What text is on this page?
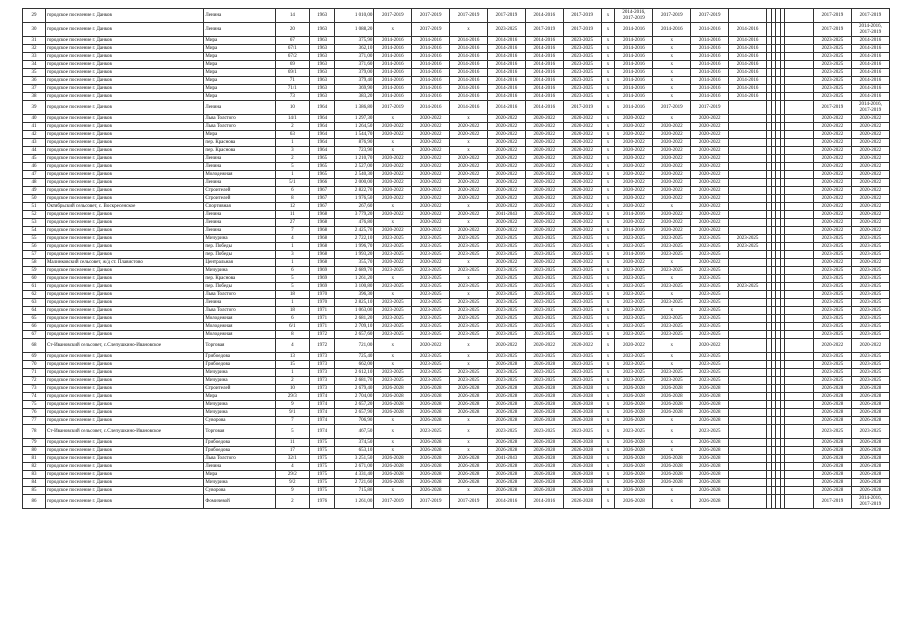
29	городское поселение г. Данков	Ленина	14	1963	1 010,00	2017-2019	2017-2019	2017-2019	2017-2019	2014-2016	2017-2019	х	2014-2016, 2017-2019	2017-2019	2017-2019							2017-2019	2017-2019
30	городское поселение г. Данков	Ленина	20	1963	1 088,20	х	2017-2019	х	2023-2025	2017-2019	2017-2019	х	2014-2016	2014-2016	2014-2016	2014-2016						2017-2019	2014-2016, 2017-2019
31	городское поселение г. Данков	Мира	67	1963	375,90	2014-2016	2014-2016	2014-2016	2014-2016	2014-2016	2023-2025	х	2014-2016	х	2014-2016	2014-2016						2023-2025	2014-2016
32	городское поселение г. Данков	Мира	67/1	1963	362,10	2014-2016	2014-2016	2014-2016	2014-2016	2014-2016	2023-2025	х	2014-2016	х	2014-2016	2014-2016						2023-2025	2014-2016
33	городское поселение г. Данков	Мира	67/2	1963	371,00	2014-2016	2014-2016	2014-2016	2014-2016	2014-2016	2023-2025	х	2014-2016	х	2014-2016	2014-2016						2023-2025	2014-2016
34	городское поселение г. Данков	Мира	69	1963	371,60	2014-2016	2014-2016	2014-2016	2014-2016	2014-2016	2023-2025	х	2014-2016	х	2014-2016	2014-2016						2023-2025	2014-2016
35	городское поселение г. Данков	Мира	69/1	1963	379,00	2014-2016	2014-2016	2014-2016	2014-2016	2014-2016	2023-2025	х	2014-2016	х	2014-2016	2014-2016						2023-2025	2014-2016
36	городское поселение г. Данков	Мира	71	1963	379,40	2014-2016	2014-2016	2014-2016	2014-2016	2014-2016	2023-2025	х	2014-2016	х	2014-2016	2014-2016						2023-2025	2014-2016
37	городское поселение г. Данков	Мира	71/1	1963	369,90	2014-2016	2014-2016	2014-2016	2014-2016	2014-2016	2023-2025	х	2014-2016	х	2014-2016	2014-2016						2023-2025	2014-2016
38	городское поселение г. Данков	Мира	73	1963	383,20	2014-2016	2014-2016	2014-2016	2014-2016	2014-2016	2023-2025	х	2014-2016	х	2014-2016	2014-2016						2023-2025	2014-2016
39	городское поселение г. Данков	Ленина	10	1964	1 386,80	2017-2019	2014-2016	2014-2016	2014-2016	2014-2016	2017-2019	х	2014-2016	2017-2019	2017-2019							2017-2019	2014-2016, 2017-2019
40	городское поселение г. Данков	Льва Толстого	14/1	1964	1 297,30	х	2020-2022	х	2020-2022	2020-2022	2020-2022	х	2020-2022	х	2020-2022							2020-2022	2020-2022
41	городское поселение г. Данков	Льва Толстого	2	1964	1 264,50	2020-2022	2020-2022	2020-2022	2020-2022	2020-2022	2020-2022	х	2020-2022	2020-2022	2020-2022							2020-2022	2020-2022
42	городское поселение г. Данков	Мира	63	1964	1 544,70	2020-2022	2020-2022	2020-2022	2020-2022	2020-2022	2020-2022	х	2020-2022	2020-2022	2020-2022							2020-2022	2020-2022
43	городское поселение г. Данков	пер. Краснова	1	1964	876,90	х	2020-2022	х	2020-2022	2020-2022	2020-2022	х	2020-2022	2020-2022	2020-2022							2020-2022	2020-2022
44	городское поселение г. Данков	пер. Краснова	3	1964	723,90	х	2020-2022	х	2020-2022	2020-2022	2020-2022	х	2020-2022	2020-2022	2020-2022							2020-2022	2020-2022
45	городское поселение г. Данков	Ленина	2	1965	1 210,70	2020-2022	2020-2022	2020-2022	2020-2022	2020-2022	2020-2022	х	2020-2022	2020-2022	2020-2022							2020-2022	2020-2022
46	городское поселение г. Данков	Ленина	5	1965	2 527,00	2020-2022	2020-2022	2020-2022	2020-2022	2020-2022	2020-2022	х	2020-2022	2020-2022	2020-2022							2020-2022	2020-2022
47	городское поселение г. Данков	Молодежная	1	1965	2 540,30	2020-2022	2020-2022	2020-2022	2020-2022	2020-2022	2020-2022	х	2020-2022	2020-2022	2020-2022							2020-2022	2020-2022
48	городское поселение г. Данков	Ленина	5/1	1966	2 000,00	2020-2022	2020-2022	2020-2022	2020-2022	2020-2022	2020-2022	х	2020-2022	2020-2022	2020-2022							2020-2022	2020-2022
49	городское поселение г. Данков	Строителей	6	1967	2 822,70	2020-2022	2020-2022	2020-2022	2020-2022	2020-2022	2020-2022	х	2020-2022	2020-2022	2020-2022							2020-2022	2020-2022
50	городское поселение г. Данков	Строителей	8	1967	1 976,50	2020-2022	2020-2022	2020-2022	2020-2022	2020-2022	2020-2022	х	2020-2022	2020-2022	2020-2022							2020-2022	2020-2022
51	Октябрьский сельсовет, с. Воскресенское	Спортивная	12	1967	267,60	х	2020-2022	х	2020-2022	2020-2022	2020-2022	х	2020-2022	х	2020-2022							2020-2022	2020-2022
52	городское поселение г. Данков	Ленина	11	1968	3 779,20	2020-2022	2020-2022	2020-2022	2041-2043	2020-2022	2020-2022	х	2014-2016	2020-2022	2020-2022							2020-2022	2020-2022
53	городское поселение г. Данков	Ленина	27	1968	476,80	х	2020-2022	х	2020-2022	2020-2022	2020-2022	х	2020-2022	2020-2022	2020-2022							2020-2022	2020-2022
54	городское поселение г. Данков	Ленина	7	1968	2 425,70	2020-2022	2020-2022	2020-2022	2020-2022	2020-2022	2020-2022	х	2014-2016	2020-2022	2020-2022							2020-2022	2020-2022
55	городское поселение г. Данков	Мичурина	4	1968	2 722,10	2023-2025	2023-2025	2023-2025	2023-2025	2023-2025	2023-2025	х	2023-2025	2023-2025	2023-2025	2023-2025						2023-2025	2023-2025
56	городское поселение г. Данков	пер. Победы	1	1968	1 996,70	2023-2025	2023-2025	2023-2025	2023-2025	2023-2025	2023-2025	х	2023-2025	2023-2025	2023-2025	2023-2025						2023-2025	2023-2025
57	городское поселение г. Данков	пер. Победы	3	1968	1 993,20	2023-2025	2023-2025	2023-2025	2023-2025	2023-2025	2023-2025	х	2014-2016	2023-2025	2023-2025							2023-2025	2023-2025
58	Малинковский сельсовет, ж/д ст. Плавистово	Центральная	1	1968	355,70	2020-2022	2020-2022	х	2020-2022	2020-2022	2020-2022	х	2020-2022	х	2020-2022							2020-2022	2020-2022
59	городское поселение г. Данков	Мичурина	6	1969	2 689,70	2023-2025	2023-2025	2023-2025	2023-2025	2023-2025	2023-2025	х	2023-2025	2023-2025	2023-2025							2023-2025	2023-2025
60	городское поселение г. Данков	пер. Краснова	5	1969	1 261,20	х	2023-2025	х	2023-2025	2023-2025	2023-2025	х	2023-2025	х	2023-2025							2023-2025	2023-2025
61	городское поселение г. Данков	пер. Победы	5	1969	3 100,80	2023-2025	2023-2025	2023-2025	2023-2025	2023-2025	2023-2025	х	2023-2025	2023-2025	2023-2025	2023-2025						2023-2025	2023-2025
62	городское поселение г. Данков	Льва Толстого	18	1970	396,30	х	2023-2025	х	2023-2025	2023-2025	2023-2025	х	2023-2025	х	2023-2025							2023-2025	2023-2025
63	городское поселение г. Данков	Ленина	1	1970	2 825,10	2023-2025	2023-2025	2023-2025	2023-2025	2023-2025	2023-2025	х	2023-2025	2023-2025	2023-2025							2023-2025	2023-2025
64	городское поселение г. Данков	Льва Толстого	18	1971	1 063,00	2023-2025	2023-2025	2023-2025	2023-2025	2023-2025	2023-2025	х	2023-2025	х	2023-2025							2023-2025	2023-2025
65	городское поселение г. Данков	Молодежная	6	1971	2 681,20	2023-2025	2023-2025	2023-2025	2023-2025	2023-2025	2023-2025	х	2023-2025	2023-2025	2023-2025							2023-2025	2023-2025
66	городское поселение г. Данков	Молодежная	6/1	1971	2 709,10	2023-2025	2023-2025	2023-2025	2023-2025	2023-2025	2023-2025	х	2023-2025	2023-2025	2023-2025							2023-2025	2023-2025
67	городское поселение г. Данков	Молодежная	8	1972	2 657,60	2023-2025	2023-2025	2023-2025	2023-2025	2023-2025	2023-2025	х	2023-2025	2023-2025	2023-2025							2023-2025	2023-2025
68	Ст-Ивановский сельсовет, с.Слепушкино-Ивановское	Торговая	4	1972	721,00	х	2020-2022	х	2020-2022	2020-2022	2020-2022	х	2020-2022	х	2020-2022							2020-2022	2020-2022
69	городское поселение г. Данков	Грибоедова	13	1973	725,40	х	2023-2025	х	2023-2025	2023-2025	2023-2025	х	2023-2025	х	2023-2025							2023-2025	2023-2025
70	городское поселение г. Данков	Грибоедова	15	1973	662,00	х	2023-2025	х	2026-2028	2026-2028	2023-2025	х	2023-2025	х	2023-2025							2023-2025	2023-2025
71	городское поселение г. Данков	Мичурина	1	1973	2 612,10	2023-2025	2023-2025	2023-2025	2023-2025	2023-2025	2023-2025	х	2023-2025	2023-2025	2023-2025							2023-2025	2023-2025
72	городское поселение г. Данков	Мичурина	2	1973	2 681,70	2023-2025	2023-2025	2023-2025	2023-2025	2023-2025	2023-2025	х	2023-2025	2023-2025	2023-2025							2023-2025	2023-2025
73	городское поселение г. Данков	Строителей	10	1973	2 679,40	2026-2028	2026-2028	2026-2028	2026-2028	2026-2028	2026-2028	х	2026-2028	2026-2028	2026-2028							2026-2028	2026-2028
74	городское поселение г. Данков	Мира	29/3	1974	2 704,00	2026-2028	2026-2028	2026-2028	2026-2028	2026-2028	2026-2028	х	2026-2028	2026-2028	2026-2028							2026-2028	2026-2028
75	городское поселение г. Данков	Мичурина	9	1974	2 657,20	2026-2028	2026-2028	2026-2028	2026-2028	2026-2028	2026-2028	х	2026-2028	2026-2028	2026-2028							2026-2028	2026-2028
76	городское поселение г. Данков	Мичурина	9/1	1974	2 657,90	2026-2028	2026-2028	2026-2028	2026-2028	2026-2028	2026-2028	х	2026-2028	2026-2028	2026-2028							2026-2028	2026-2028
77	городское поселение г. Данков	Суворова	7	1974	706,90	х	2026-2028	х	2026-2028	2026-2028	2026-2028	х	2026-2028	х	2026-2028							2026-2028	2026-2028
78	Ст-Ивановский сельсовет, с.Слепушкино-Ивановское	Торговая	5	1974	467,50	х	2023-2025	х	2023-2025	2023-2025	2023-2025	х	2023-2025	х	2023-2025							2023-2025	2023-2025
79	городское поселение г. Данков	Грибоедова	11	1975	374,50	х	2026-2028	х	2026-2028	2026-2028	2026-2028	х	2026-2028	х	2026-2028							2026-2028	2026-2028
80	городское поселение г. Данков	Грибоедова	17	1975	653,10	х	2026-2028	х	2026-2028	2026-2028	2026-2028	х	2026-2028	х	2026-2028							2026-2028	2026-2028
81	городское поселение г. Данков	Льва Толстого	32/1	1975	3 251,50	2026-2028	2026-2028	2026-2028	2041-2043	2026-2028	2026-2028	х	2026-2028	2026-2028	2026-2028							2026-2028	2026-2028
82	городское поселение г. Данков	Ленина	4	1975	2 671,00	2026-2028	2026-2028	2026-2028	2026-2028	2026-2028	2026-2028	х	2026-2028	2026-2028	2026-2028							2026-2028	2026-2028
83	городское поселение г. Данков	Мира	29/2	1975	4 331,40	2026-2028	2026-2028	2026-2028	2026-2028	2026-2028	2026-2028	х	2026-2028	2026-2028	2026-2028							2026-2028	2026-2028
84	городское поселение г. Данков	Мичурина	9/2	1975	2 721,60	2026-2028	2026-2028	2026-2028	2026-2028	2026-2028	2026-2028	х	2026-2028	2026-2028	2026-2028							2026-2028	2026-2028
85	городское поселение г. Данков	Суворова	9	1975	715,80	х	2026-2028	х	2026-2028	2026-2028	2026-2028	х	2026-2028	х	2026-2028							2026-2028	2026-2028
86	городское поселение г. Данков	Фомичевой	2	1976	1 261,00	2017-2019	2017-2019	2017-2019	2014-2016	2014-2016	2026-2028	х	2026-2028	х	2026-2028							2017-2019	2014-2016, 2017-2019
